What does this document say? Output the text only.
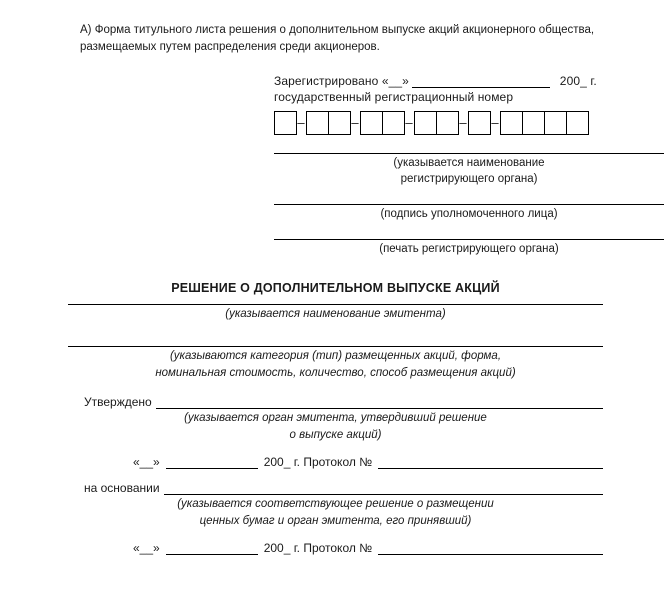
А) Форма титульного листа решения о дополнительном выпуске акций акционерного общества, размещаемых путем распределения среди акционеров.
Зарегистрировано «__»	200_ г.
государственный регистрационный номер
–	–	–	– –
(указывается наименование
регистрирующего органа)
(подпись уполномоченного лица)
(печать регистрирующего органа)
РЕШЕНИЕ О ДОПОЛНИТЕЛЬНОМ ВЫПУСКЕ АКЦИЙ
(указывается наименование эмитента)
(указываются категория (тип) размещенных акций, форма,
номинальная стоимость, количество, способ размещения акций)
Утверждено
(указывается орган эмитента, утвердивший решение
о выпуске акций)
«__»	200_ г. Протокол №
на основании
(указывается соответствующее решение о размещении
ценных бумаг и орган эмитента, его принявший)
«__»	200_ г. Протокол №
